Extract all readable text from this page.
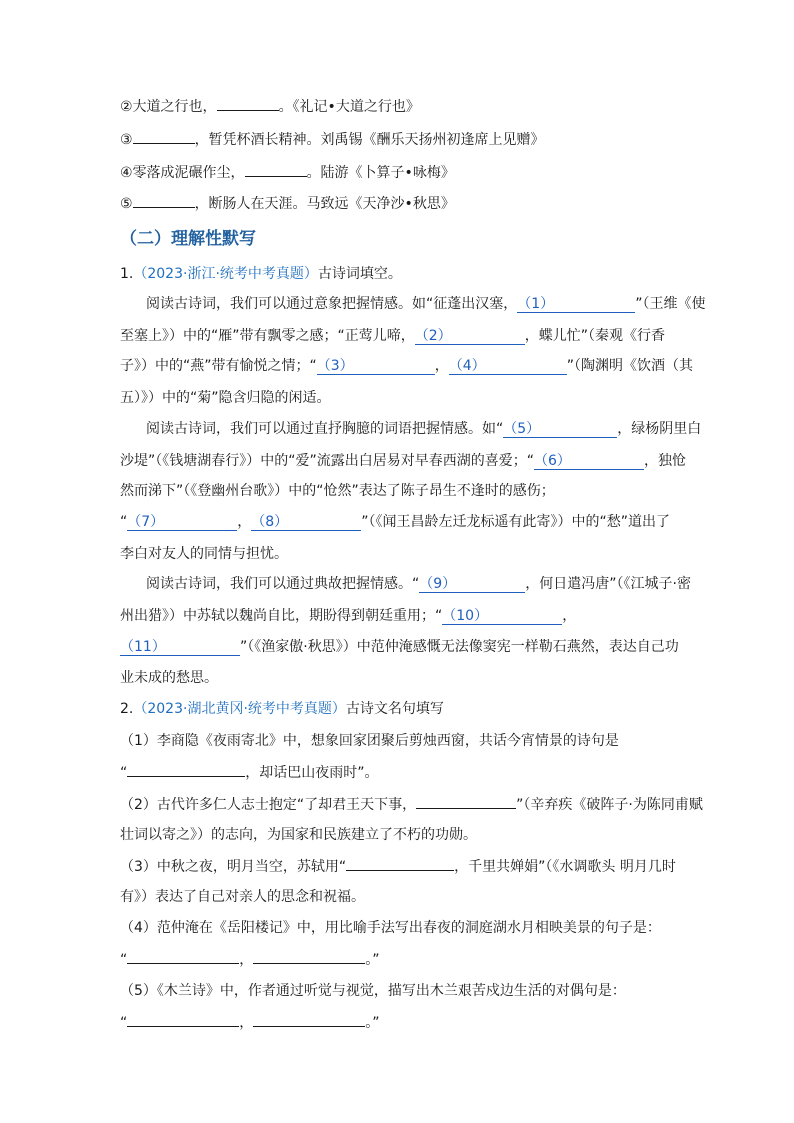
②大道之行也，	。《礼记•大道之行也》
③	，暂凭杯酒长精神。刘禹锡《酬乐天扬州初逢席上见赠》
④零落成泥碾作尘，	。陆游《卜算子•咏梅》
⑤	，断肠人在天涯。马致远《天净沙•秋思》
（二）理解性默写
1.（2023·浙江·统考中考真题）古诗词填空。
阅读古诗词，我们可以通过意象把握情感。如“征蓬出汉塞，（1）	”（王维《使
至塞上》）中的“雁”带有飘零之感；“正莺儿啼，（2）	，蝶儿忙”（秦观《行香
子》）中的“燕”带有愉悦之情；“（3）	，（4）	”（陶渊明《饮酒（其
五）》）中的“菊”隐含归隐的闲适。
阅读古诗词，我们可以通过直抒胸臆的词语把握情感。如“（5）	，绿杨阴里白
沙堤”（《钱塘湖春行》）中的“爱”流露出白居易对早春西湖的喜爱；“（6）	，独怆
然而涕下”（《登幽州台歌》）中的“怆然”表达了陈子昂生不逢时的感伤；
“（7）	，（8）	”（《闻王昌龄左迁龙标遥有此寄》）中的“愁”道出了
李白对友人的同情与担忧。
阅读古诗词，我们可以通过典故把握情感。“（9）	，何日遣冯唐”（《江城子·密
州出猎》）中苏轼以魏尚自比，期盼得到朝廷重用；“（10）	，
（11）	”（《渔家傲·秋思》）中范仲淹感慨无法像窦宪一样勒石燕然，表达自己功
业未成的愁思。
2.（2023·湖北黄冈·统考中考真题）古诗文名句填写
（1）李商隐《夜雨寄北》中，想象回家团聚后剪烛西窗，共话今宵情景的诗句是
“	，却话巴山夜雨时”。
（2）古代许多仁人志士抱定“了却君王天下事，	”（辛弃疾《破阵子·为陈同甫赋
壮词以寄之》）的志向，为国家和民族建立了不朽的功勋。
（3）中秋之夜，明月当空，苏轼用“	，千里共婵娟”（《水调歌头 明月几时
有》）表达了自己对亲人的思念和祝福。
（4）范仲淹在《岳阳楼记》中，用比喻手法写出春夜的洞庭湖水月相映美景的句子是：
“	，	。”
（5）《木兰诗》中，作者通过听觉与视觉，描写出木兰艰苦戍边生活的对偶句是：
“	，	。”
